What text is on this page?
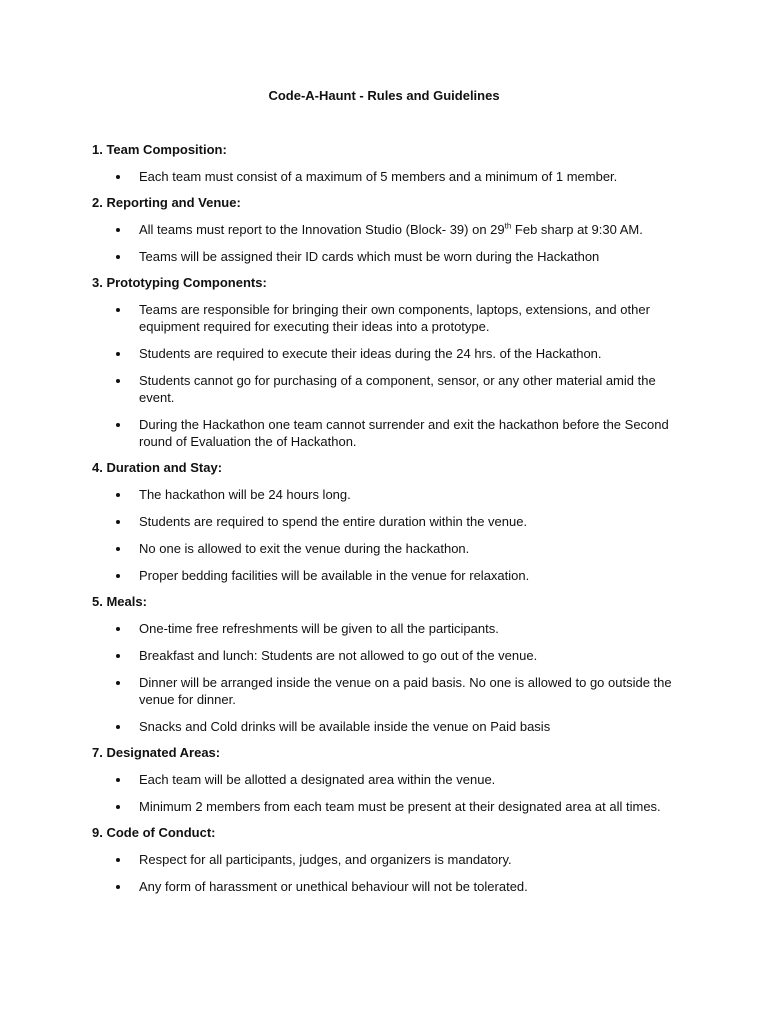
Code-A-Haunt - Rules and Guidelines
1. Team Composition:
Each team must consist of a maximum of 5 members and a minimum of 1 member.
2. Reporting and Venue:
All teams must report to the Innovation Studio (Block- 39) on 29th Feb sharp at 9:30 AM.
Teams will be assigned their ID cards which must be worn during the Hackathon
3. Prototyping Components:
Teams are responsible for bringing their own components, laptops, extensions, and other equipment required for executing their ideas into a prototype.
Students are required to execute their ideas during the 24 hrs. of the Hackathon.
Students cannot go for purchasing of a component, sensor, or any other material amid the event.
During the Hackathon one team cannot surrender and exit the hackathon before the Second round of Evaluation the of Hackathon.
4. Duration and Stay:
The hackathon will be 24 hours long.
Students are required to spend the entire duration within the venue.
No one is allowed to exit the venue during the hackathon.
Proper bedding facilities will be available in the venue for relaxation.
5. Meals:
One-time free refreshments will be given to all the participants.
Breakfast and lunch: Students are not allowed to go out of the venue.
Dinner will be arranged inside the venue on a paid basis. No one is allowed to go outside the venue for dinner.
Snacks and Cold drinks will be available inside the venue on Paid basis
7. Designated Areas:
Each team will be allotted a designated area within the venue.
Minimum 2 members from each team must be present at their designated area at all times.
9. Code of Conduct:
Respect for all participants, judges, and organizers is mandatory.
Any form of harassment or unethical behaviour will not be tolerated.
